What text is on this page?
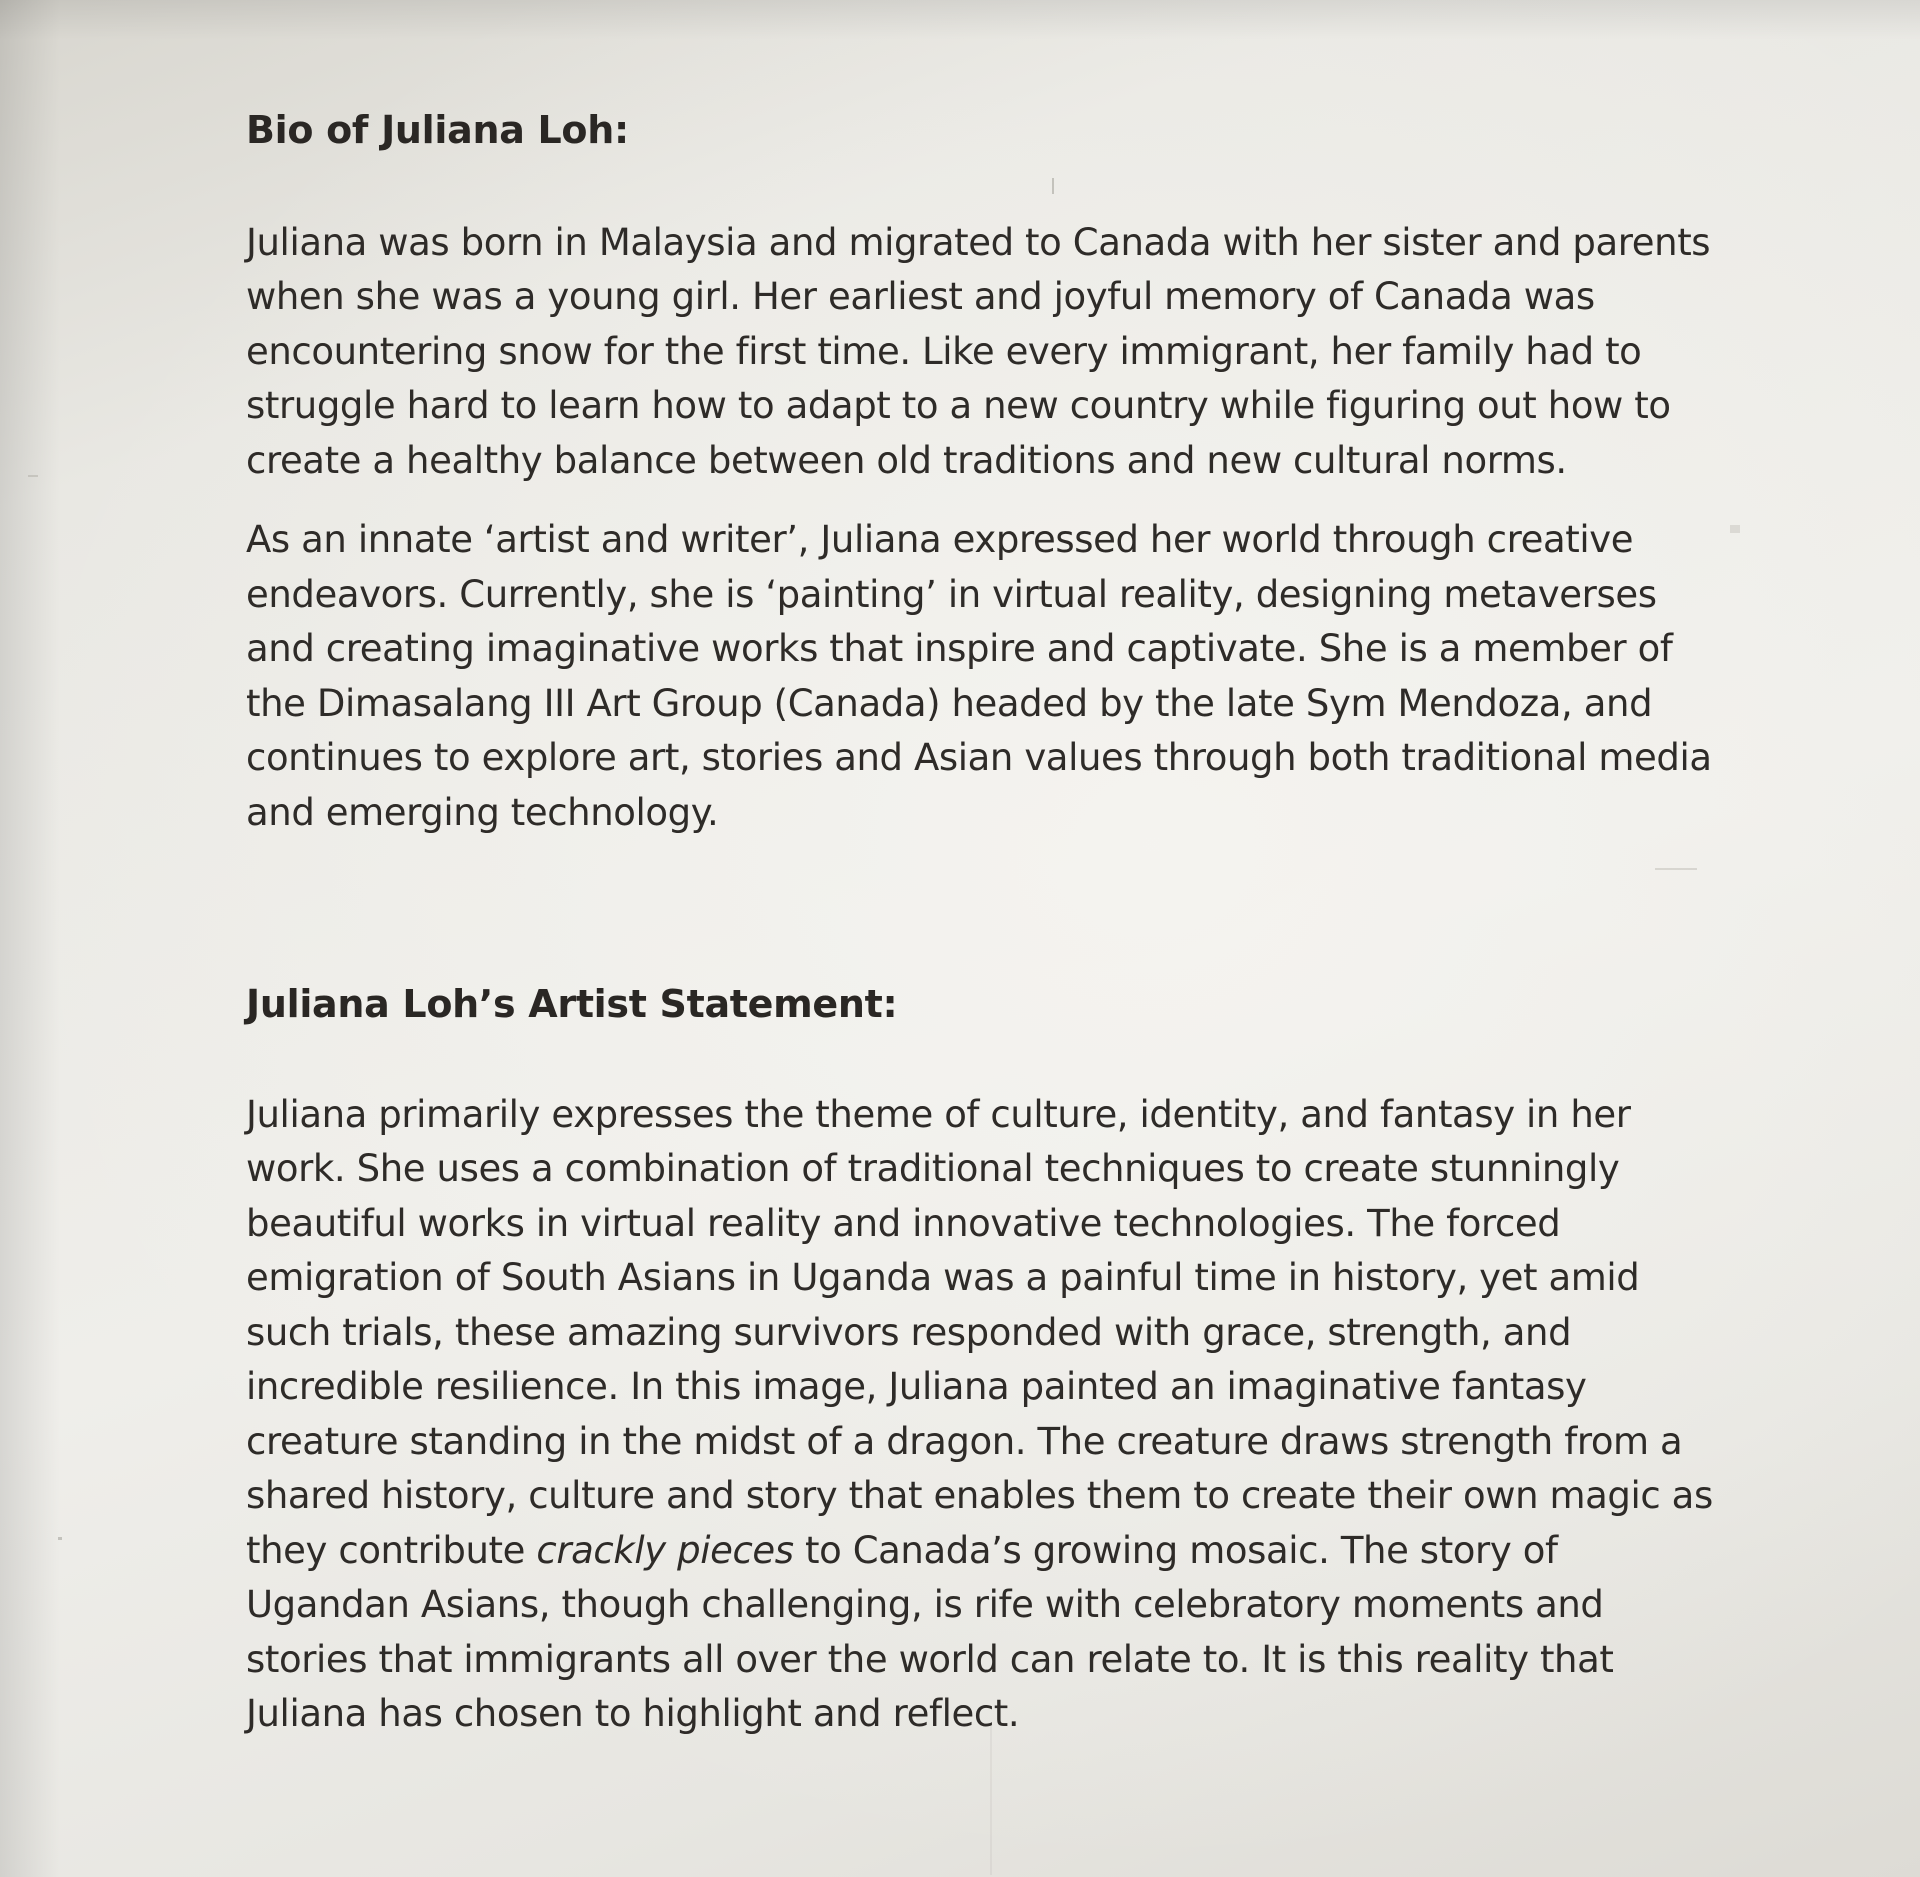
Bio of Juliana Loh:

Juliana was born in Malaysia and migrated to Canada with her sister and parents when she was a young girl. Her earliest and joyful memory of Canada was encountering snow for the first time. Like every immigrant, her family had to struggle hard to learn how to adapt to a new country while figuring out how to create a healthy balance between old traditions and new cultural norms.

As an innate ‘artist and writer’, Juliana expressed her world through creative endeavors. Currently, she is ‘painting’ in virtual reality, designing metaverses and creating imaginative works that inspire and captivate. She is a member of the Dimasalang III Art Group (Canada) headed by the late Sym Mendoza, and continues to explore art, stories and Asian values through both traditional media and emerging technology.

Juliana Loh’s Artist Statement:

Juliana primarily expresses the theme of culture, identity, and fantasy in her work. She uses a combination of traditional techniques to create stunningly beautiful works in virtual reality and innovative technologies. The forced emigration of South Asians in Uganda was a painful time in history, yet amid such trials, these amazing survivors responded with grace, strength, and incredible resilience. In this image, Juliana painted an imaginative fantasy creature standing in the midst of a dragon. The creature draws strength from a shared history, culture and story that enables them to create their own magic as they contribute crackly pieces to Canada’s growing mosaic. The story of Ugandan Asians, though challenging, is rife with celebratory moments and stories that immigrants all over the world can relate to. It is this reality that Juliana has chosen to highlight and reflect.
